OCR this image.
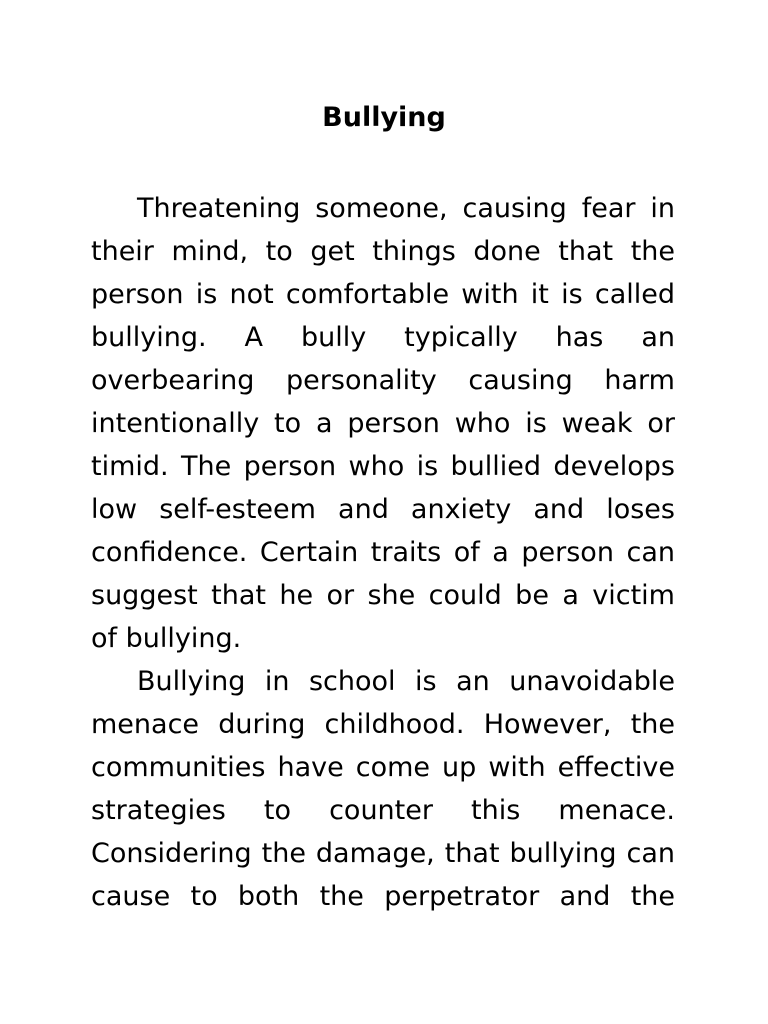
Bullying

Threatening someone, causing fear in

their mind, to get things done that the

person is not comfortable with it is called

bullying. A bully typically has an

overbearing personality causing harm

intentionally to a person who is weak or

timid. The person who is bullied develops

low self-esteem and anxiety and loses

confidence. Certain traits of a person can

suggest that he or she could be a victim

of bullying.

Bullying in school is an unavoidable

menace during childhood. However, the

communities have come up with effective

strategies to counter this menace.

Considering the damage, that bullying can

cause to both the perpetrator and the
